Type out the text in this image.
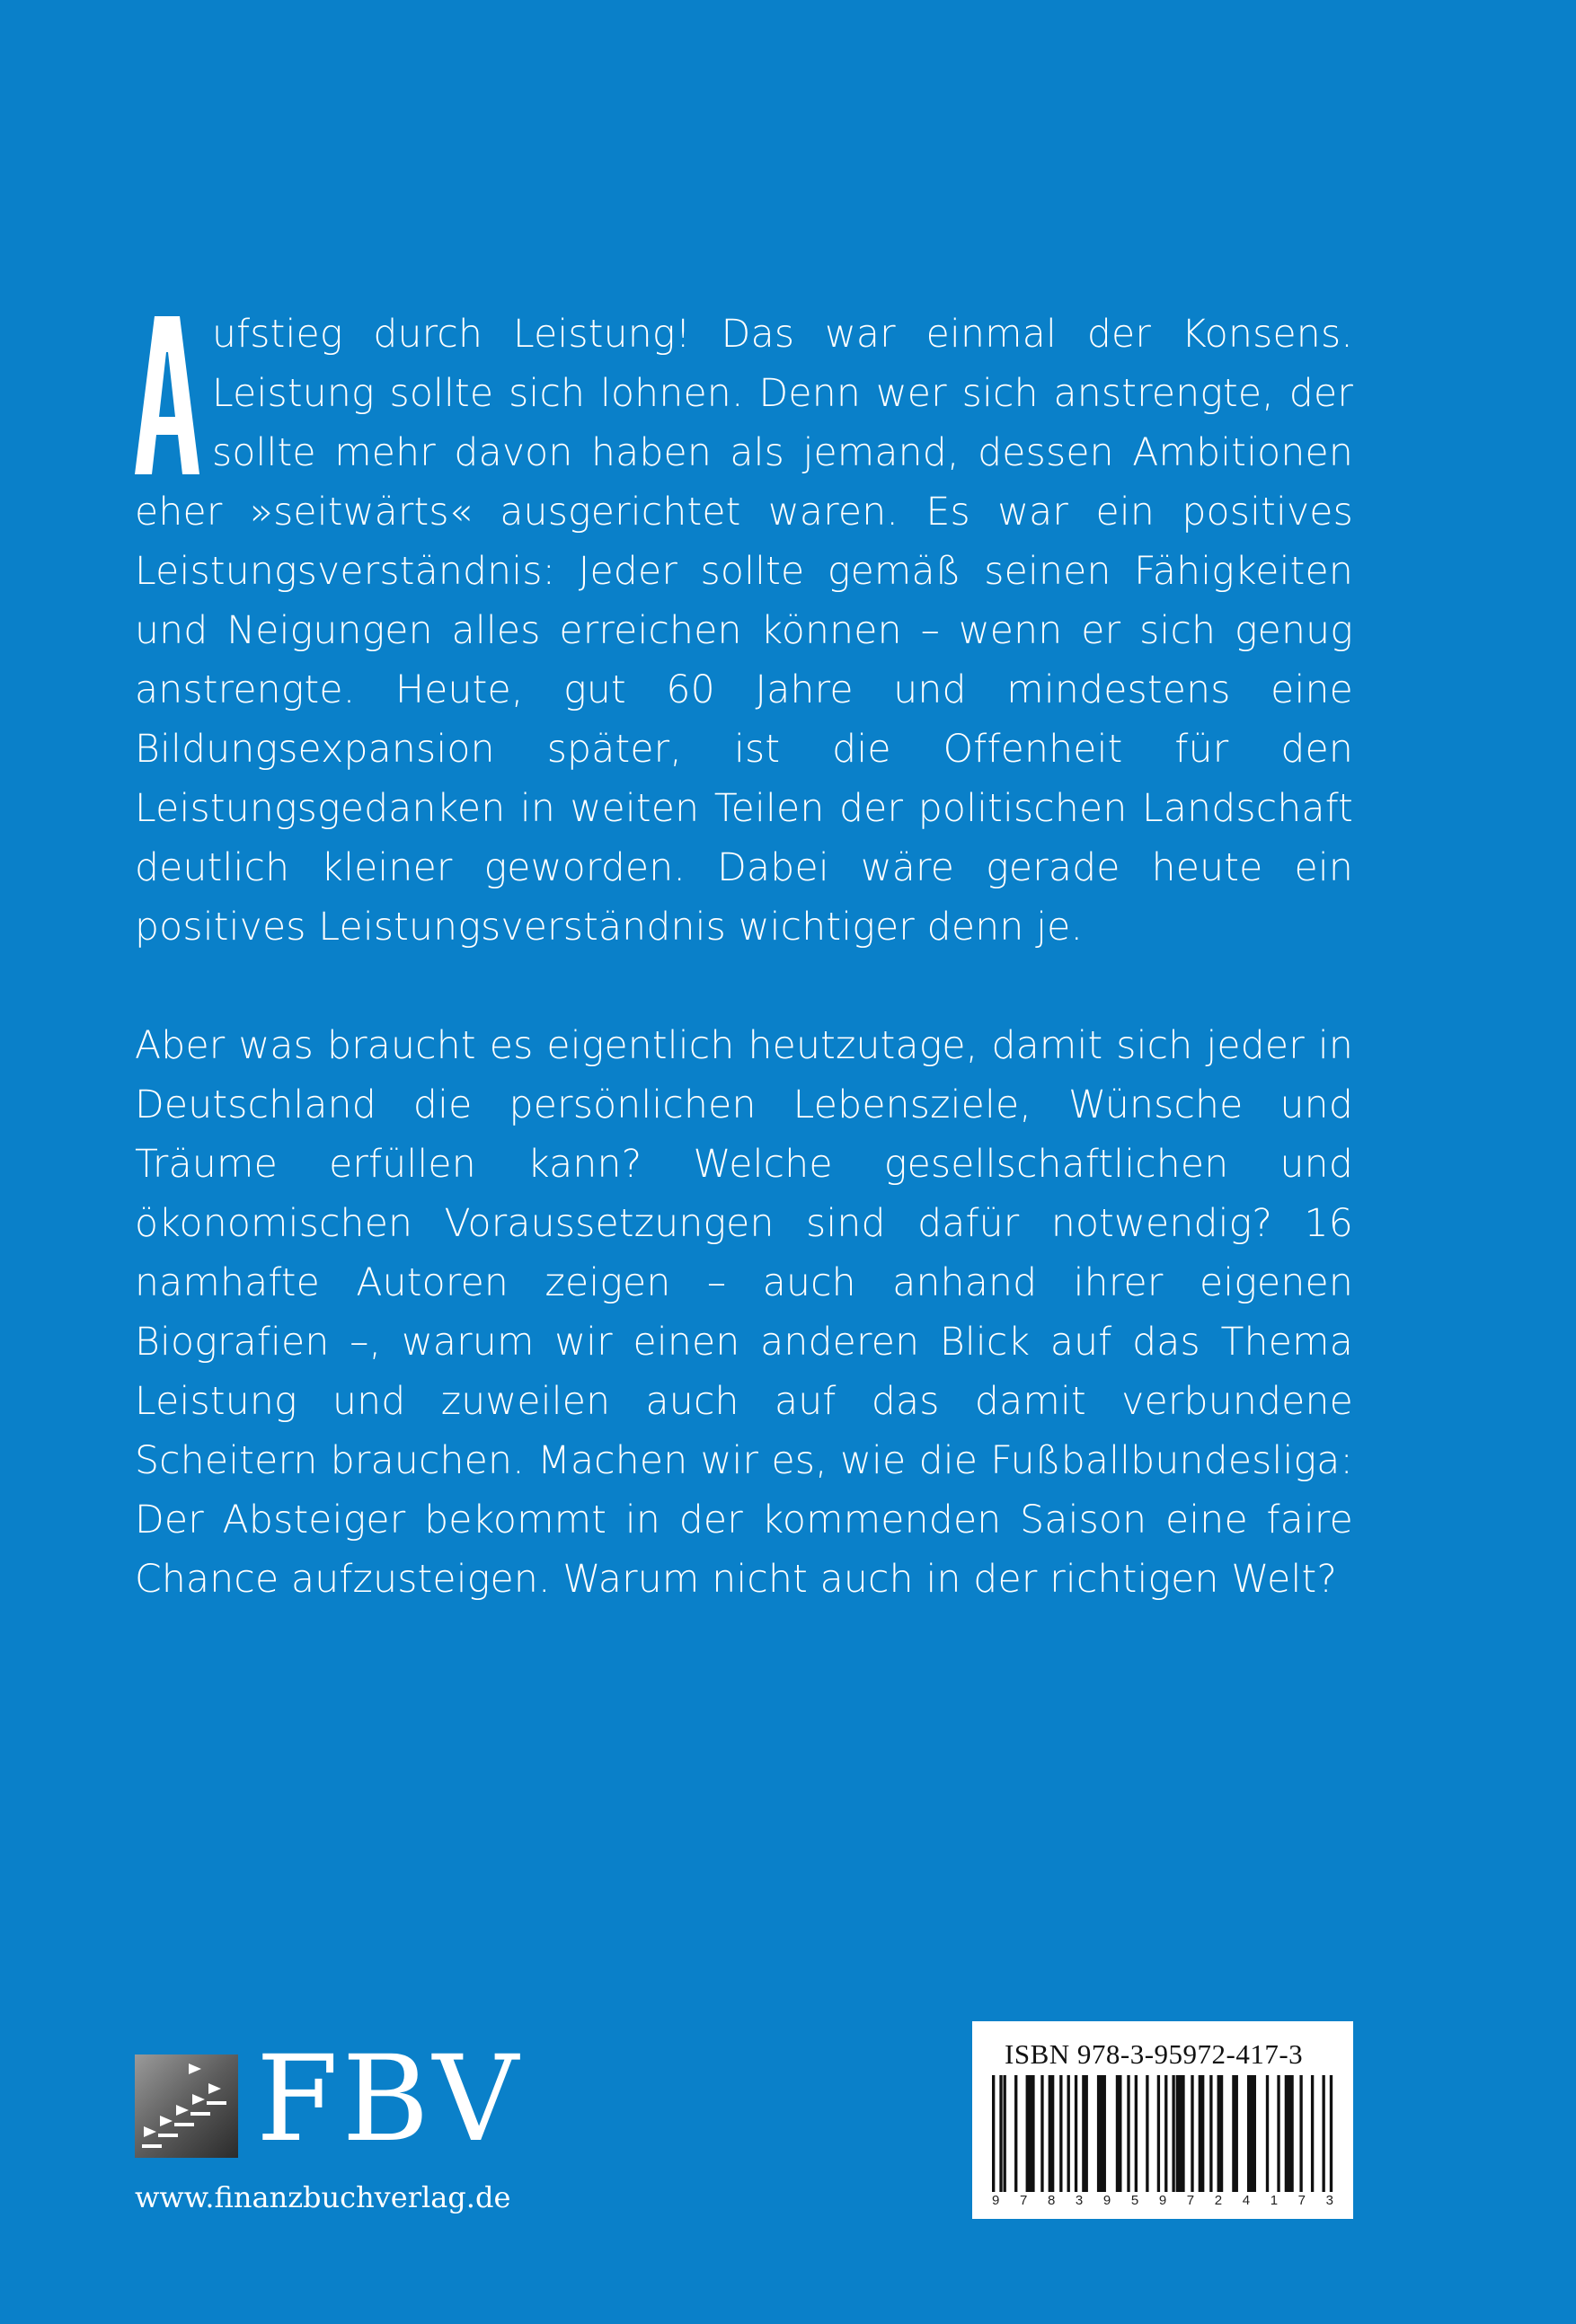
ufstieg durch Leistung! Das war einmal der Konsens. Leistung sollte sich lohnen. Denn wer sich anstrengte, der sollte mehr davon haben als jemand, dessen Ambitionen eher »seitwärts« ausgerichtet waren. Es war ein positives Leistungsverständnis: Jeder sollte gemäß seinen Fähigkeiten und Neigungen alles erreichen können – wenn er sich genug anstrengte. Heute, gut 60 Jahre und mindestens eine Bildungsexpansion später, ist die Offenheit für den Leistungsgedanken in weiten Teilen der politischen Landschaft deutlich kleiner geworden. Dabei wäre gerade heute ein positives Leistungsverständnis wichtiger denn je.

Aber was braucht es eigentlich heutzutage, damit sich jeder in Deutschland die persönlichen Lebensziele, Wünsche und Träume erfüllen kann? Welche gesellschaftlichen und ökonomischen Voraussetzungen sind dafür notwendig? 16 namhafte Autoren zeigen – auch anhand ihrer eigenen Biografien –, warum wir einen anderen Blick auf das Thema Leistung und zuweilen auch auf das damit verbundene Scheitern brauchen. Machen wir es, wie die Fußballbundesliga: Der Absteiger bekommt in der kommenden Saison eine faire Chance aufzusteigen. Warum nicht auch in der richtigen Welt?

FBV
www.finanzbuchverlag.de
ISBN 978-3-95972-417-3
9 7 8 3 9 5 9 7 2 4 1 7 3
